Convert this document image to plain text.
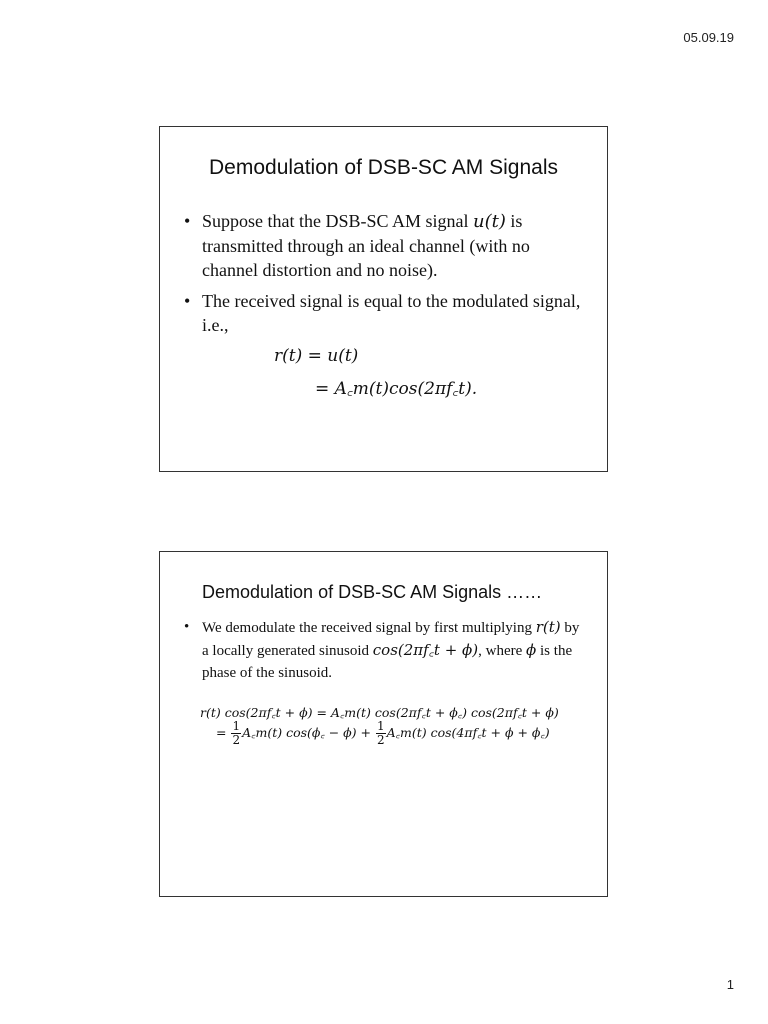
05.09.19
Demodulation of DSB-SC AM Signals
• Suppose that the DSB-SC AM signal u(t) is transmitted through an ideal channel (with no channel distortion and no noise).
• The received signal is equal to the modulated signal, i.e.,
r(t) = u(t)
= A꜀m(t)cos(2πf꜀t).
Demodulation of DSB-SC AM Signals ……
• We demodulate the received signal by first multiplying r(t) by a locally generated sinusoid cos(2πf꜀t + ϕ), where ϕ is the phase of the sinusoid.
r(t) cos(2πf꜀t + ϕ) = A꜀m(t) cos(2πf꜀t + ϕ꜀) cos(2πf꜀t + ϕ)
= $\frac{1}{2}$ A꜀m(t) cos(ϕ꜀ − $\phi) + \frac{1}{2}$ A꜀m(t) cos(4πf꜀t + ϕ + ϕ꜀)
1
